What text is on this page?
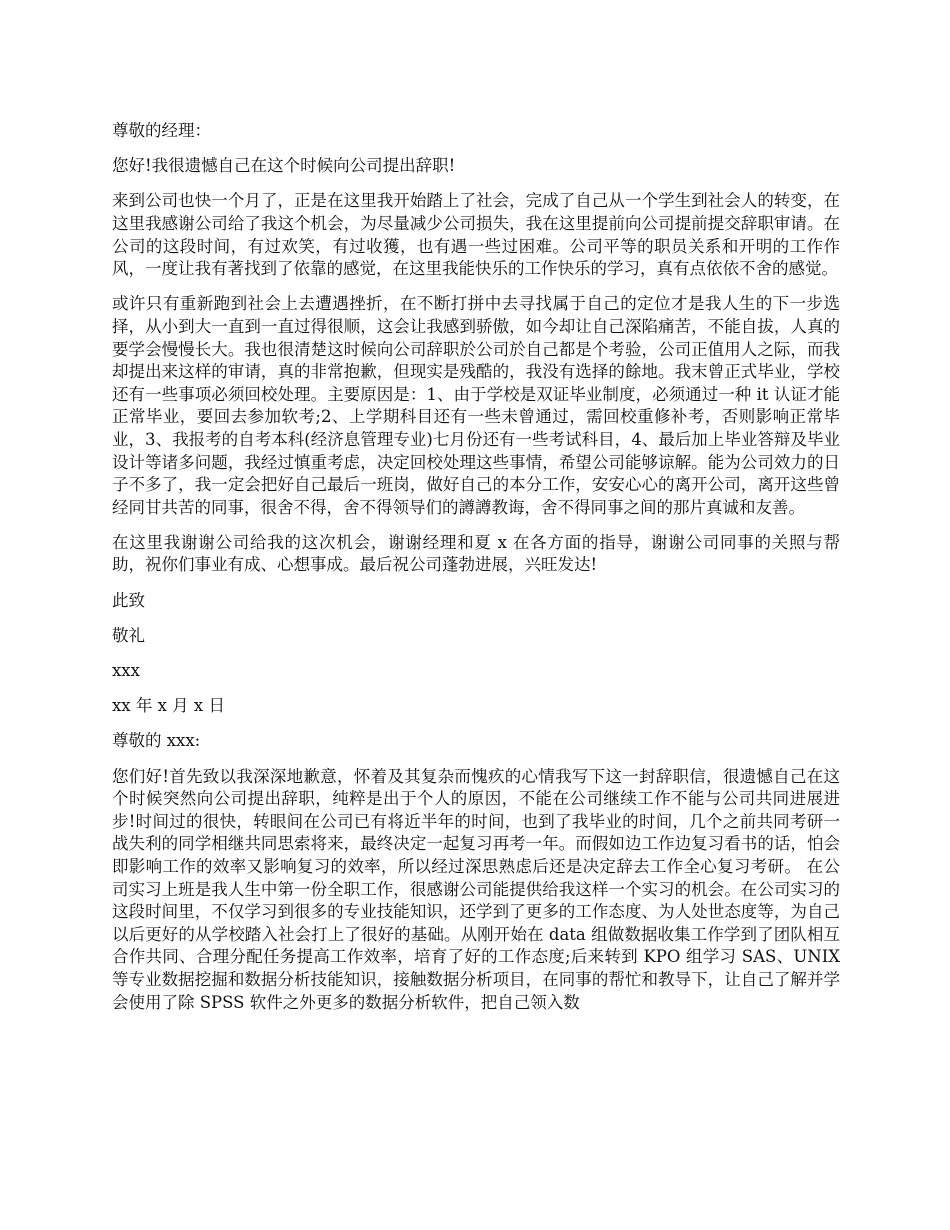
尊敬的经理：

您好!我很遗憾自己在这个时候向公司提出辞职!

来到公司也快一个月了，正是在这里我开始踏上了社会，完成了自己从一个学生到社会人的转变，在这里我感谢公司给了我这个机会，为尽量减少公司损失，我在这里提前向公司提前提交辞职审请。在公司的这段时间，有过欢笑，有过收獲，也有遇一些过困难。公司平等的职员关系和开明的工作作风，一度让我有著找到了依靠的感觉，在这里我能快乐的工作快乐的学习，真有点依依不舍的感觉。

或许只有重新跑到社会上去遭遇挫折，在不断打拼中去寻找属于自己的定位才是我人生的下一步选择，从小到大一直到一直过得很顺，这会让我感到骄傲，如今却让自己深陷痛苦，不能自拔，人真的要学会慢慢长大。我也很清楚这时候向公司辞职於公司於自己都是个考验，公司正值用人之际，而我却提出来这样的审请，真的非常抱歉，但现实是残酷的，我没有选择的餘地。我末曾正式毕业，学校还有一些事项必须回校处理。主要原因是：1、由于学校是双证毕业制度，必须通过一种 it 认证才能正常毕业，要回去参加软考;2、上学期科目还有一些未曾通过，需回校重修补考，否则影响正常毕业，3、我报考的自考本科(经济息管理专业)七月份还有一些考试科目，4、最后加上毕业答辩及毕业设计等诸多问题，我经过慎重考虑，决定回校处理这些事情，希望公司能够谅解。能为公司效力的日子不多了，我一定会把好自己最后一班岗，做好自己的本分工作，安安心心的离开公司，离开这些曾经同甘共苦的同事，很舍不得，舍不得领导们的譐譐教诲，舍不得同事之间的那片真诚和友善。

在这里我谢谢公司给我的这次机会，谢谢经理和夏 x 在各方面的指导，谢谢公司同事的关照与帮助，祝你们事业有成、心想事成。最后祝公司蓬勃进展，兴旺发达!

此致

敬礼

xxx

xx 年 x 月 x 日

尊敬的 xxx:

您们好!首先致以我深深地歉意，怀着及其复杂而愧疚的心情我写下这一封辞职信，很遗憾自己在这个时候突然向公司提出辞职，纯粹是出于个人的原因，不能在公司继续工作不能与公司共同进展进步!时间过的很快，转眼间在公司已有将近半年的时间，也到了我毕业的时间，几个之前共同考研一战失利的同学相继共同思索将来，最终决定一起复习再考一年。而假如边工作边复习看书的话，怕会即影响工作的效率又影响复习的效率，所以经过深思熟虑后还是决定辞去工作全心复习考研。 在公司实习上班是我人生中第一份全职工作，很感谢公司能提供给我这样一个实习的机会。在公司实习的这段时间里，不仅学习到很多的专业技能知识，还学到了更多的工作态度、为人处世态度等，为自己以后更好的从学校踏入社会打上了很好的基础。从刚开始在 data 组做数据收集工作学到了团队相互合作共同、合理分配任务提高工作效率，培育了好的工作态度;后来转到 KPO 组学习 SAS、UNIX 等专业数据挖掘和数据分析技能知识，接触数据分析项目，在同事的帮忙和教导下，让自己了解并学会使用了除 SPSS 软件之外更多的数据分析软件，把自己领入数
